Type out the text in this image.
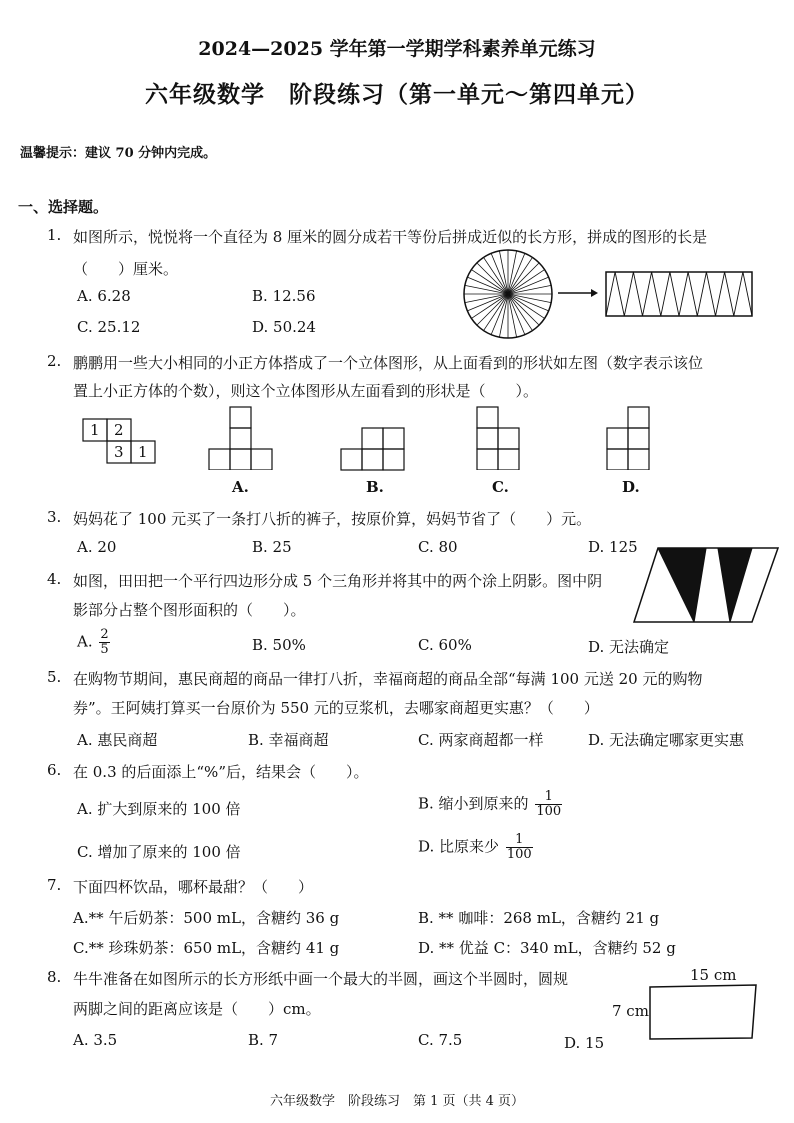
2024—2025 学年第一学期学科素养单元练习
六年级数学　阶段练习（第一单元～第四单元）
温馨提示：建议 70 分钟内完成。
一、选择题。
1. 如图所示，悦悦将一个直径为 8 厘米的圆分成若干等份后拼成近似的长方形，拼成的图形的长是
（　　）厘米。
A. 6.28	B. 12.56
C. 25.12	D. 50.24
2. 鹏鹏用一些大小相同的小正方体搭成了一个立体图形，从上面看到的形状如左图（数字表示该位
置上小正方体的个数），则这个立体图形从左面看到的形状是（　　）。
1 2
3 1
A.	B.	C.	D.
3. 妈妈花了 100 元买了一条打八折的裤子，按原价算，妈妈节省了（　　）元。
A. 20	B. 25	C. 80	D. 125
4. 如图，田田把一个平行四边形分成 5 个三角形并将其中的两个涂上阴影。图中阴
影部分占整个图形面积的（　　）。
A. $\frac{2}{5}$	B. 50%	C. 60%	D. 无法确定
5. 在购物节期间，惠民商超的商品一律打八折，幸福商超的商品全部“每满 100 元送 20 元的购物
券”。王阿姨打算买一台原价为 550 元的豆浆机，去哪家商超更实惠？（　　）
A. 惠民商超	B. 幸福商超	C. 两家商超都一样	D. 无法确定哪家更实惠
6. 在 0.3 的后面添上“%”后，结果会（　　）。
A. 扩大到原来的 100 倍	B. 缩小到原来的 $\frac{1}{100}$
C. 增加了原来的 100 倍	D. 比原来少 $\frac{1}{100}$
7. 下面四杯饮品，哪杯最甜？（　　）
A.** 午后奶茶：500 mL，含糖约 36 g	B. ** 咖啡：268 mL，含糖约 21 g
C.** 珍珠奶茶：650 mL，含糖约 41 g	D. ** 优益 C：340 mL，含糖约 52 g
8. 牛牛准备在如图所示的长方形纸中画一个最大的半圆，画这个半圆时，圆规
两脚之间的距离应该是（　　）cm。
15 cm
7 cm
A. 3.5	B. 7	C. 7.5	D. 15
六年级数学　阶段练习　第 1 页（共 4 页）
